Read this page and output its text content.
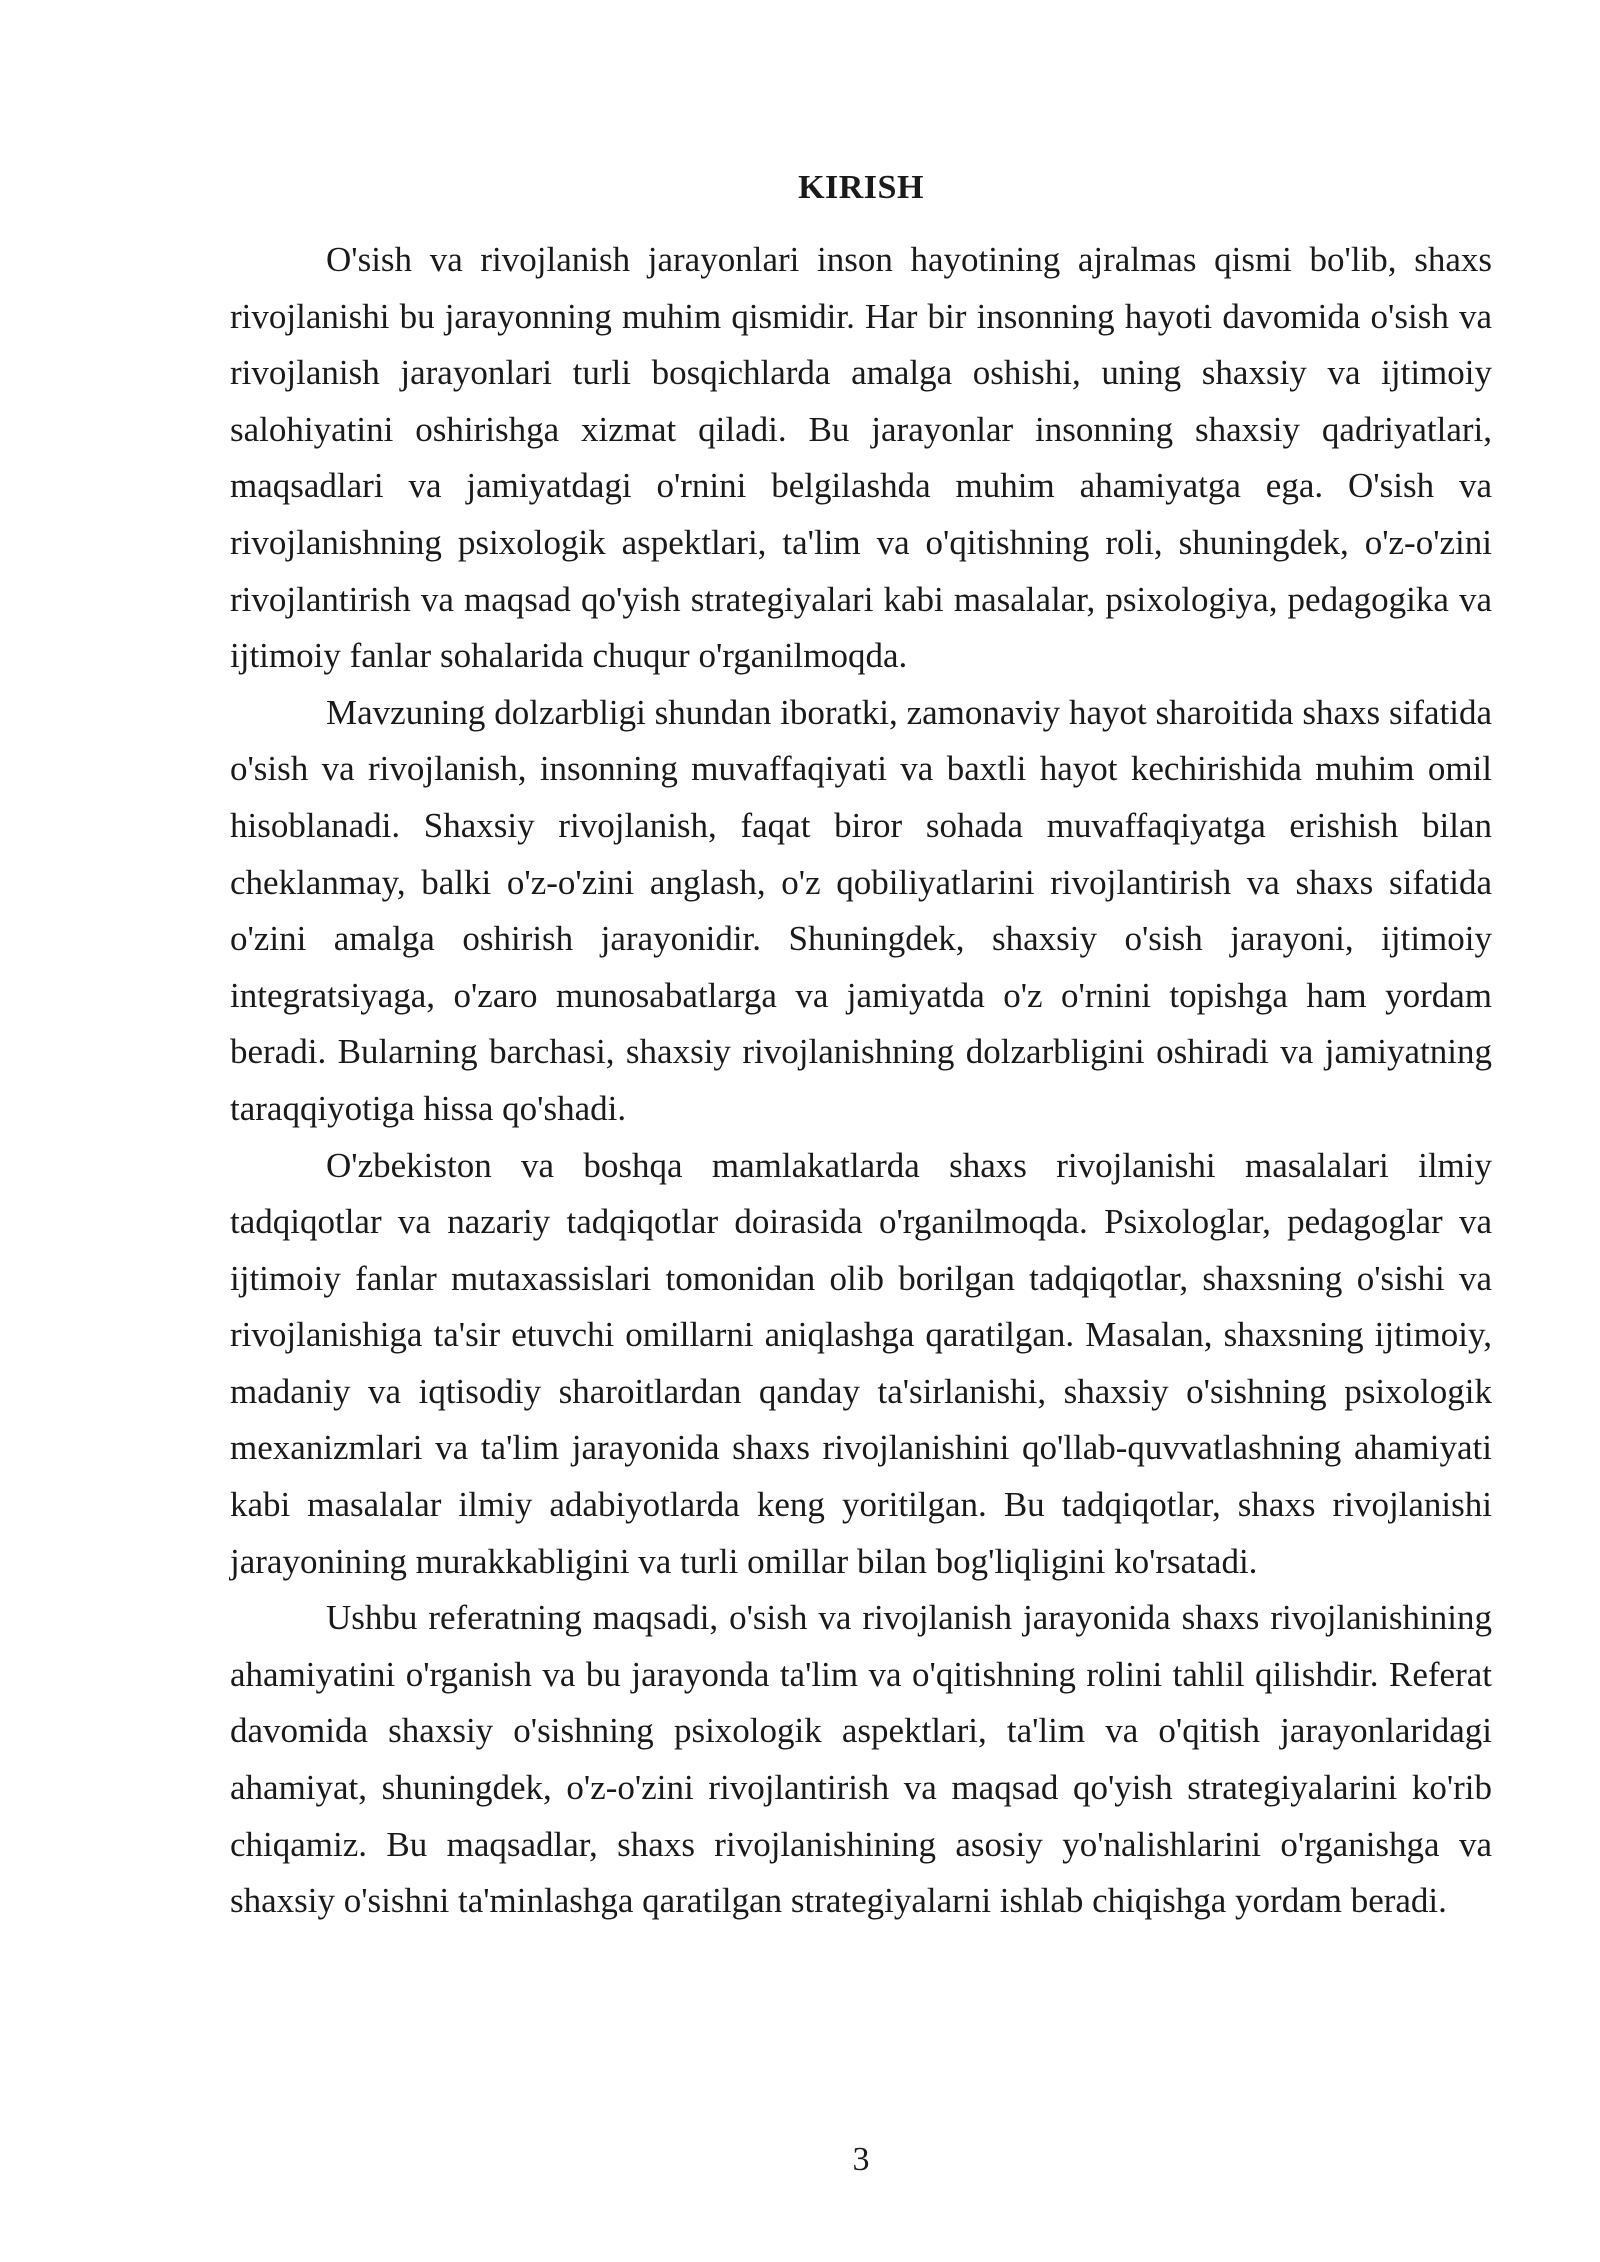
KIRISH

O'sish va rivojlanish jarayonlari inson hayotining ajralmas qismi bo'lib, shaxs rivojlanishi bu jarayonning muhim qismidir. Har bir insonning hayoti davomida o'sish va rivojlanish jarayonlari turli bosqichlarda amalga oshishi, uning shaxsiy va ijtimoiy salohiyatini oshirishga xizmat qiladi. Bu jarayonlar insonning shaxsiy qadriyatlari, maqsadlari va jamiyatdagi o'rnini belgilashda muhim ahamiyatga ega. O'sish va rivojlanishning psixologik aspektlari, ta'lim va o'qitishning roli, shuningdek, o'z-o'zini rivojlantirish va maqsad qo'yish strategiyalari kabi masalalar, psixologiya, pedagogika va ijtimoiy fanlar sohalarida chuqur o'rganilmoqda.

Mavzuning dolzarbligi shundan iboratki, zamonaviy hayot sharoitida shaxs sifatida o'sish va rivojlanish, insonning muvaffaqiyati va baxtli hayot kechirishida muhim omil hisoblanadi. Shaxsiy rivojlanish, faqat biror sohada muvaffaqiyatga erishish bilan cheklanmay, balki o'z-o'zini anglash, o'z qobiliyatlarini rivojlantirish va shaxs sifatida o'zini amalga oshirish jarayonidir. Shuningdek, shaxsiy o'sish jarayoni, ijtimoiy integratsiyaga, o'zaro munosabatlarga va jamiyatda o'z o'rnini topishga ham yordam beradi. Bularning barchasi, shaxsiy rivojlanishning dolzarbligini oshiradi va jamiyatning taraqqiyotiga hissa qo'shadi.

O'zbekiston va boshqa mamlakatlarda shaxs rivojlanishi masalalari ilmiy tadqiqotlar va nazariy tadqiqotlar doirasida o'rganilmoqda. Psixologlar, pedagoglar va ijtimoiy fanlar mutaxassislari tomonidan olib borilgan tadqiqotlar, shaxsning o'sishi va rivojlanishiga ta'sir etuvchi omillarni aniqlashga qaratilgan. Masalan, shaxsning ijtimoiy, madaniy va iqtisodiy sharoitlardan qanday ta'sirlanishi, shaxsiy o'sishning psixologik mexanizmlari va ta'lim jarayonida shaxs rivojlanishini qo'llab-quvvatlashning ahamiyati kabi masalalar ilmiy adabiyotlarda keng yoritilgan. Bu tadqiqotlar, shaxs rivojlanishi jarayonining murakkabligini va turli omillar bilan bog'liqligini ko'rsatadi.

Ushbu referatning maqsadi, o'sish va rivojlanish jarayonida shaxs rivojlanishining ahamiyatini o'rganish va bu jarayonda ta'lim va o'qitishning rolini tahlil qilishdir. Referat davomida shaxsiy o'sishning psixologik aspektlari, ta'lim va o'qitish jarayonlaridagi ahamiyat, shuningdek, o'z-o'zini rivojlantirish va maqsad qo'yish strategiyalarini ko'rib chiqamiz. Bu maqsadlar, shaxs rivojlanishining asosiy yo'nalishlarini o'rganishga va shaxsiy o'sishni ta'minlashga qaratilgan strategiyalarni ishlab chiqishga yordam beradi.

3
